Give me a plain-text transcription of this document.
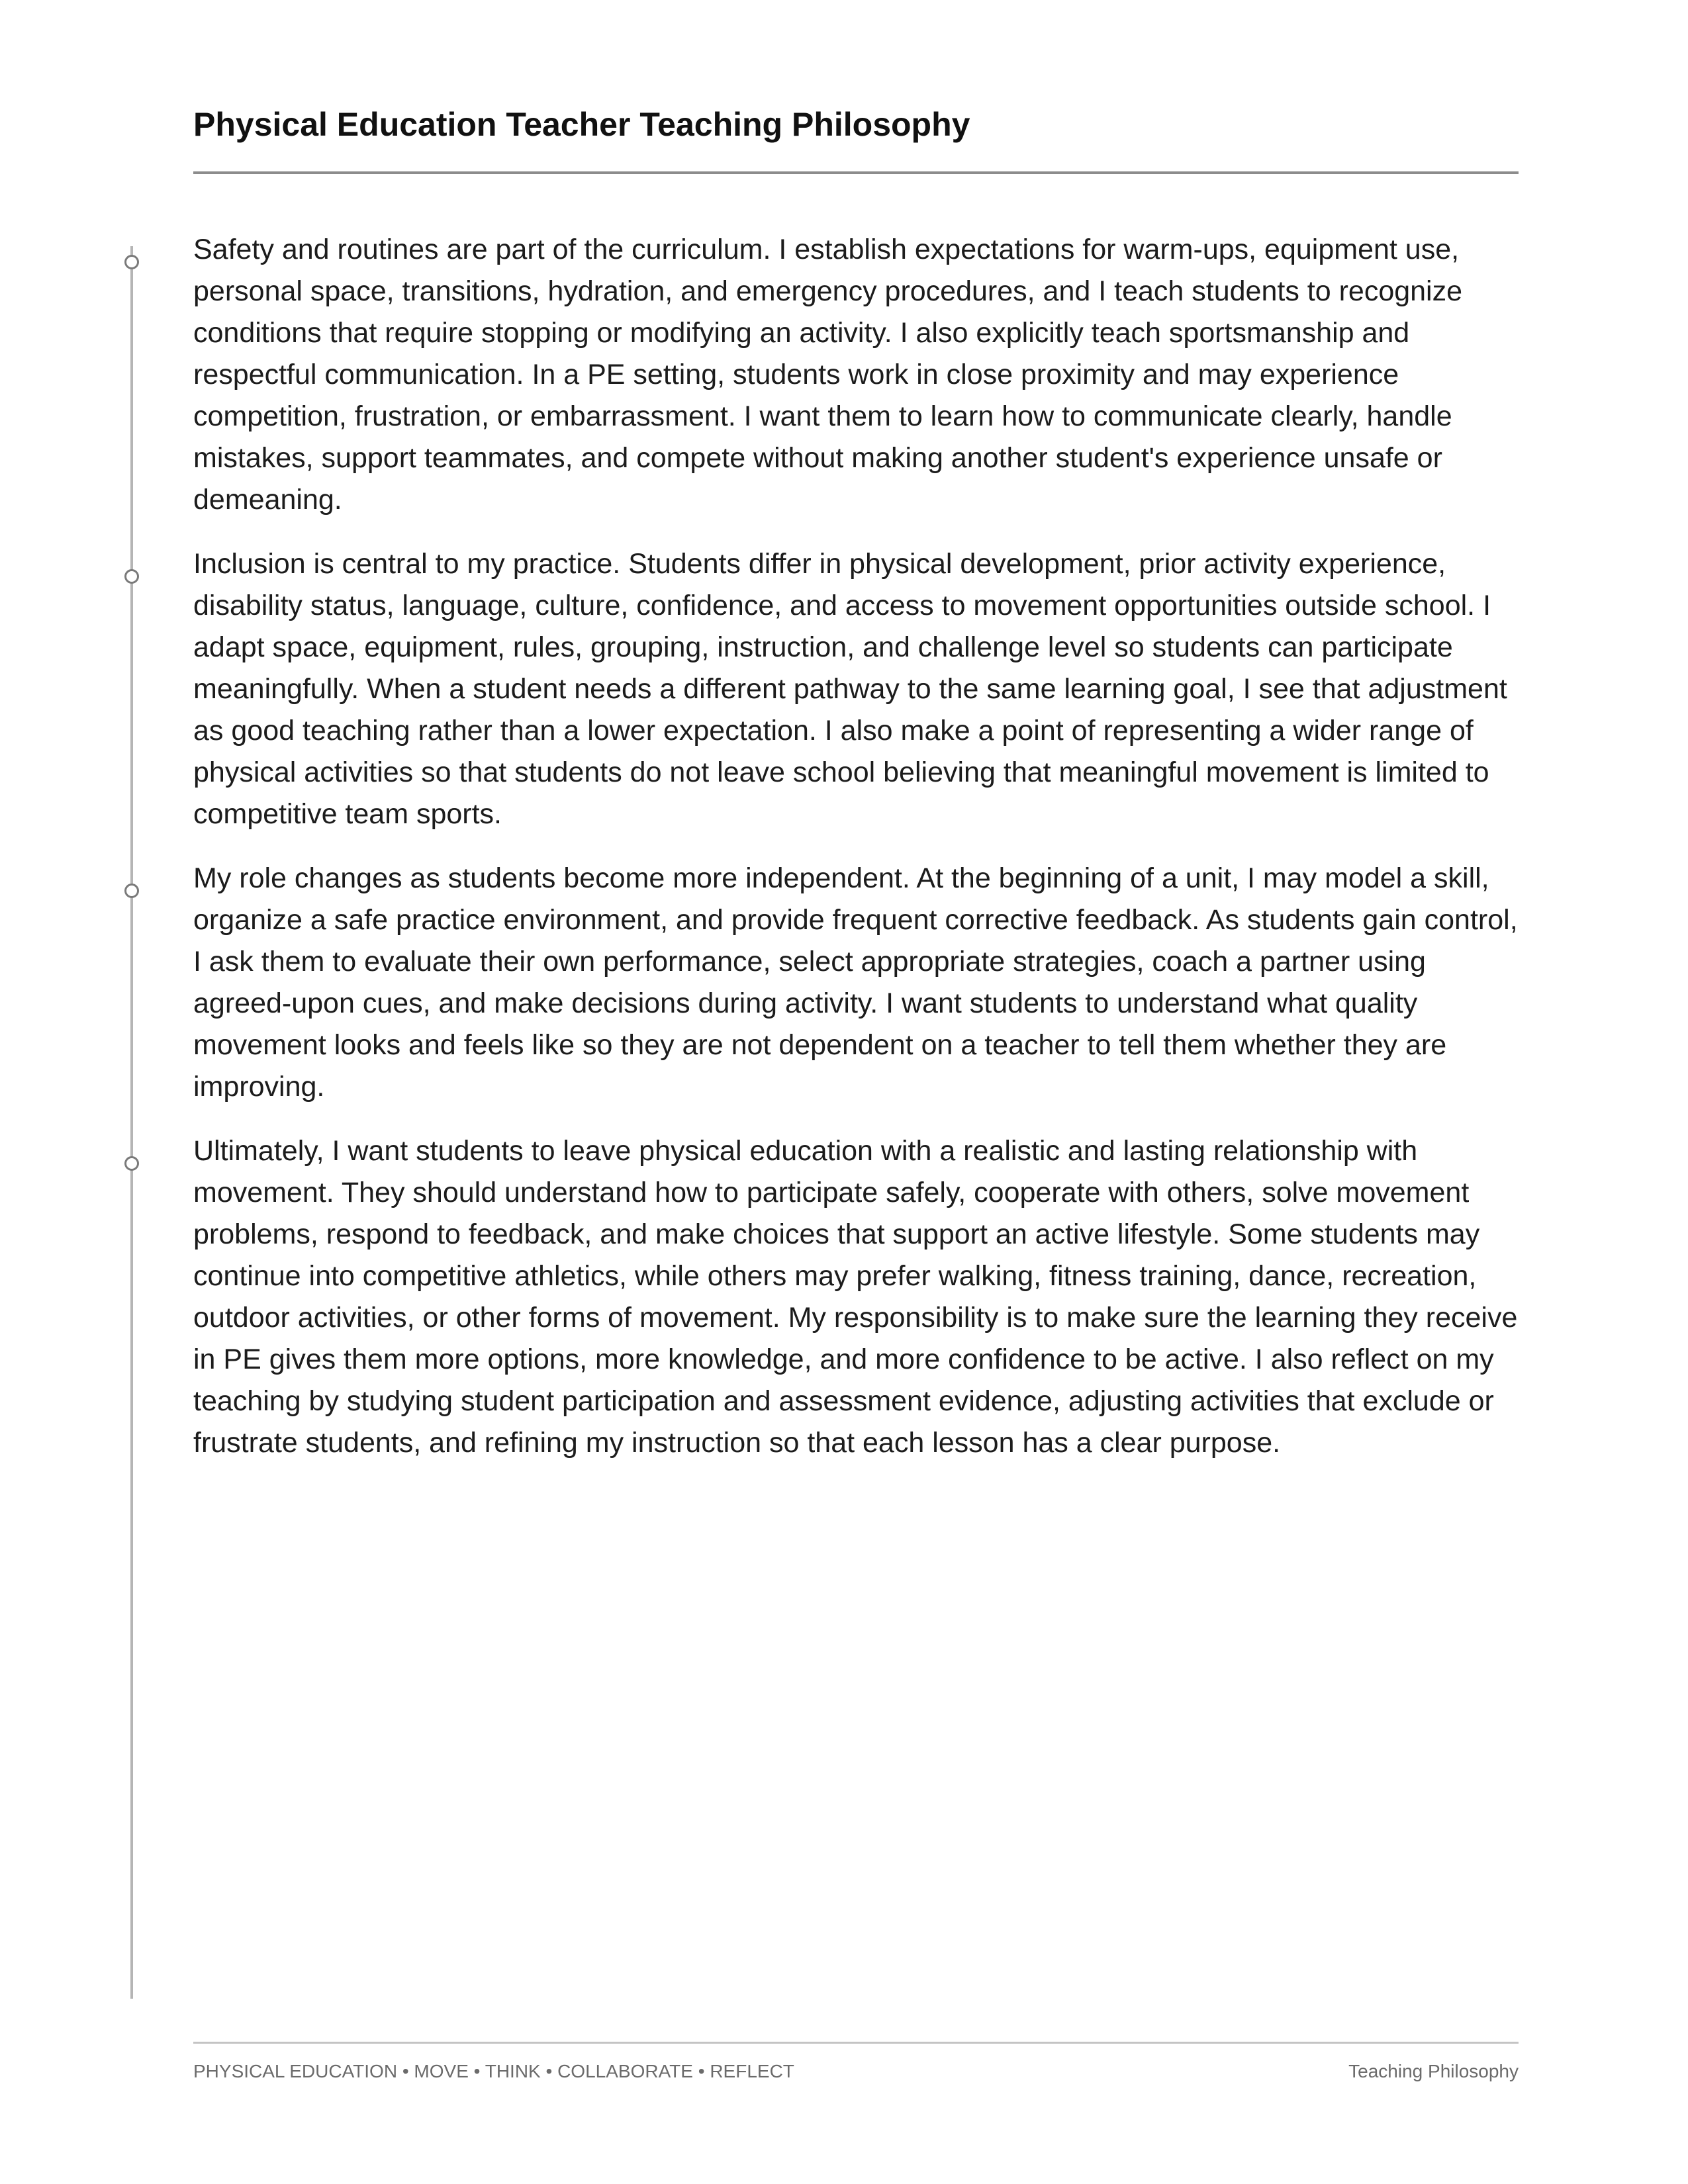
Physical Education Teacher Teaching Philosophy

Safety and routines are part of the curriculum. I establish expectations for warm-ups, equipment use, personal space, transitions, hydration, and emergency procedures, and I teach students to recognize conditions that require stopping or modifying an activity. I also explicitly teach sportsmanship and respectful communication. In a PE setting, students work in close proximity and may experience competition, frustration, or embarrassment. I want them to learn how to communicate clearly, handle mistakes, support teammates, and compete without making another student's experience unsafe or demeaning.

Inclusion is central to my practice. Students differ in physical development, prior activity experience, disability status, language, culture, confidence, and access to movement opportunities outside school. I adapt space, equipment, rules, grouping, instruction, and challenge level so students can participate meaningfully. When a student needs a different pathway to the same learning goal, I see that adjustment as good teaching rather than a lower expectation. I also make a point of representing a wider range of physical activities so that students do not leave school believing that meaningful movement is limited to competitive team sports.

My role changes as students become more independent. At the beginning of a unit, I may model a skill, organize a safe practice environment, and provide frequent corrective feedback. As students gain control, I ask them to evaluate their own performance, select appropriate strategies, coach a partner using agreed-upon cues, and make decisions during activity. I want students to understand what quality movement looks and feels like so they are not dependent on a teacher to tell them whether they are improving.

Ultimately, I want students to leave physical education with a realistic and lasting relationship with movement. They should understand how to participate safely, cooperate with others, solve movement problems, respond to feedback, and make choices that support an active lifestyle. Some students may continue into competitive athletics, while others may prefer walking, fitness training, dance, recreation, outdoor activities, or other forms of movement. My responsibility is to make sure the learning they receive in PE gives them more options, more knowledge, and more confidence to be active. I also reflect on my teaching by studying student participation and assessment evidence, adjusting activities that exclude or frustrate students, and refining my instruction so that each lesson has a clear purpose.

PHYSICAL EDUCATION • MOVE • THINK • COLLABORATE • REFLECT	Teaching Philosophy
